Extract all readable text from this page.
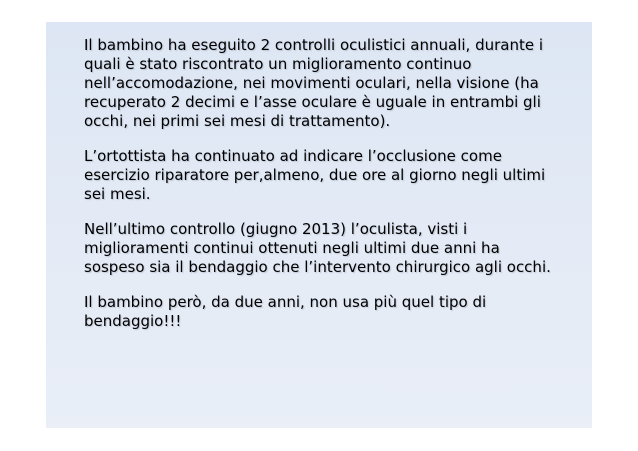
Il bambino ha eseguito 2 controlli oculistici annuali, durante i
quali è stato riscontrato un miglioramento continuo
nell’accomodazione, nei movimenti oculari, nella visione (ha
recuperato 2 decimi e l’asse oculare è uguale in entrambi gli
occhi, nei primi sei mesi di trattamento).

L’ortottista ha continuato ad indicare l’occlusione come
esercizio riparatore per,almeno, due ore al giorno negli ultimi
sei mesi.

Nell’ultimo controllo (giugno 2013) l’oculista, visti i
miglioramenti continui ottenuti negli ultimi due anni ha
sospeso sia il bendaggio che l’intervento chirurgico agli occhi.

Il bambino però, da due anni, non usa più quel tipo di
bendaggio!!!
